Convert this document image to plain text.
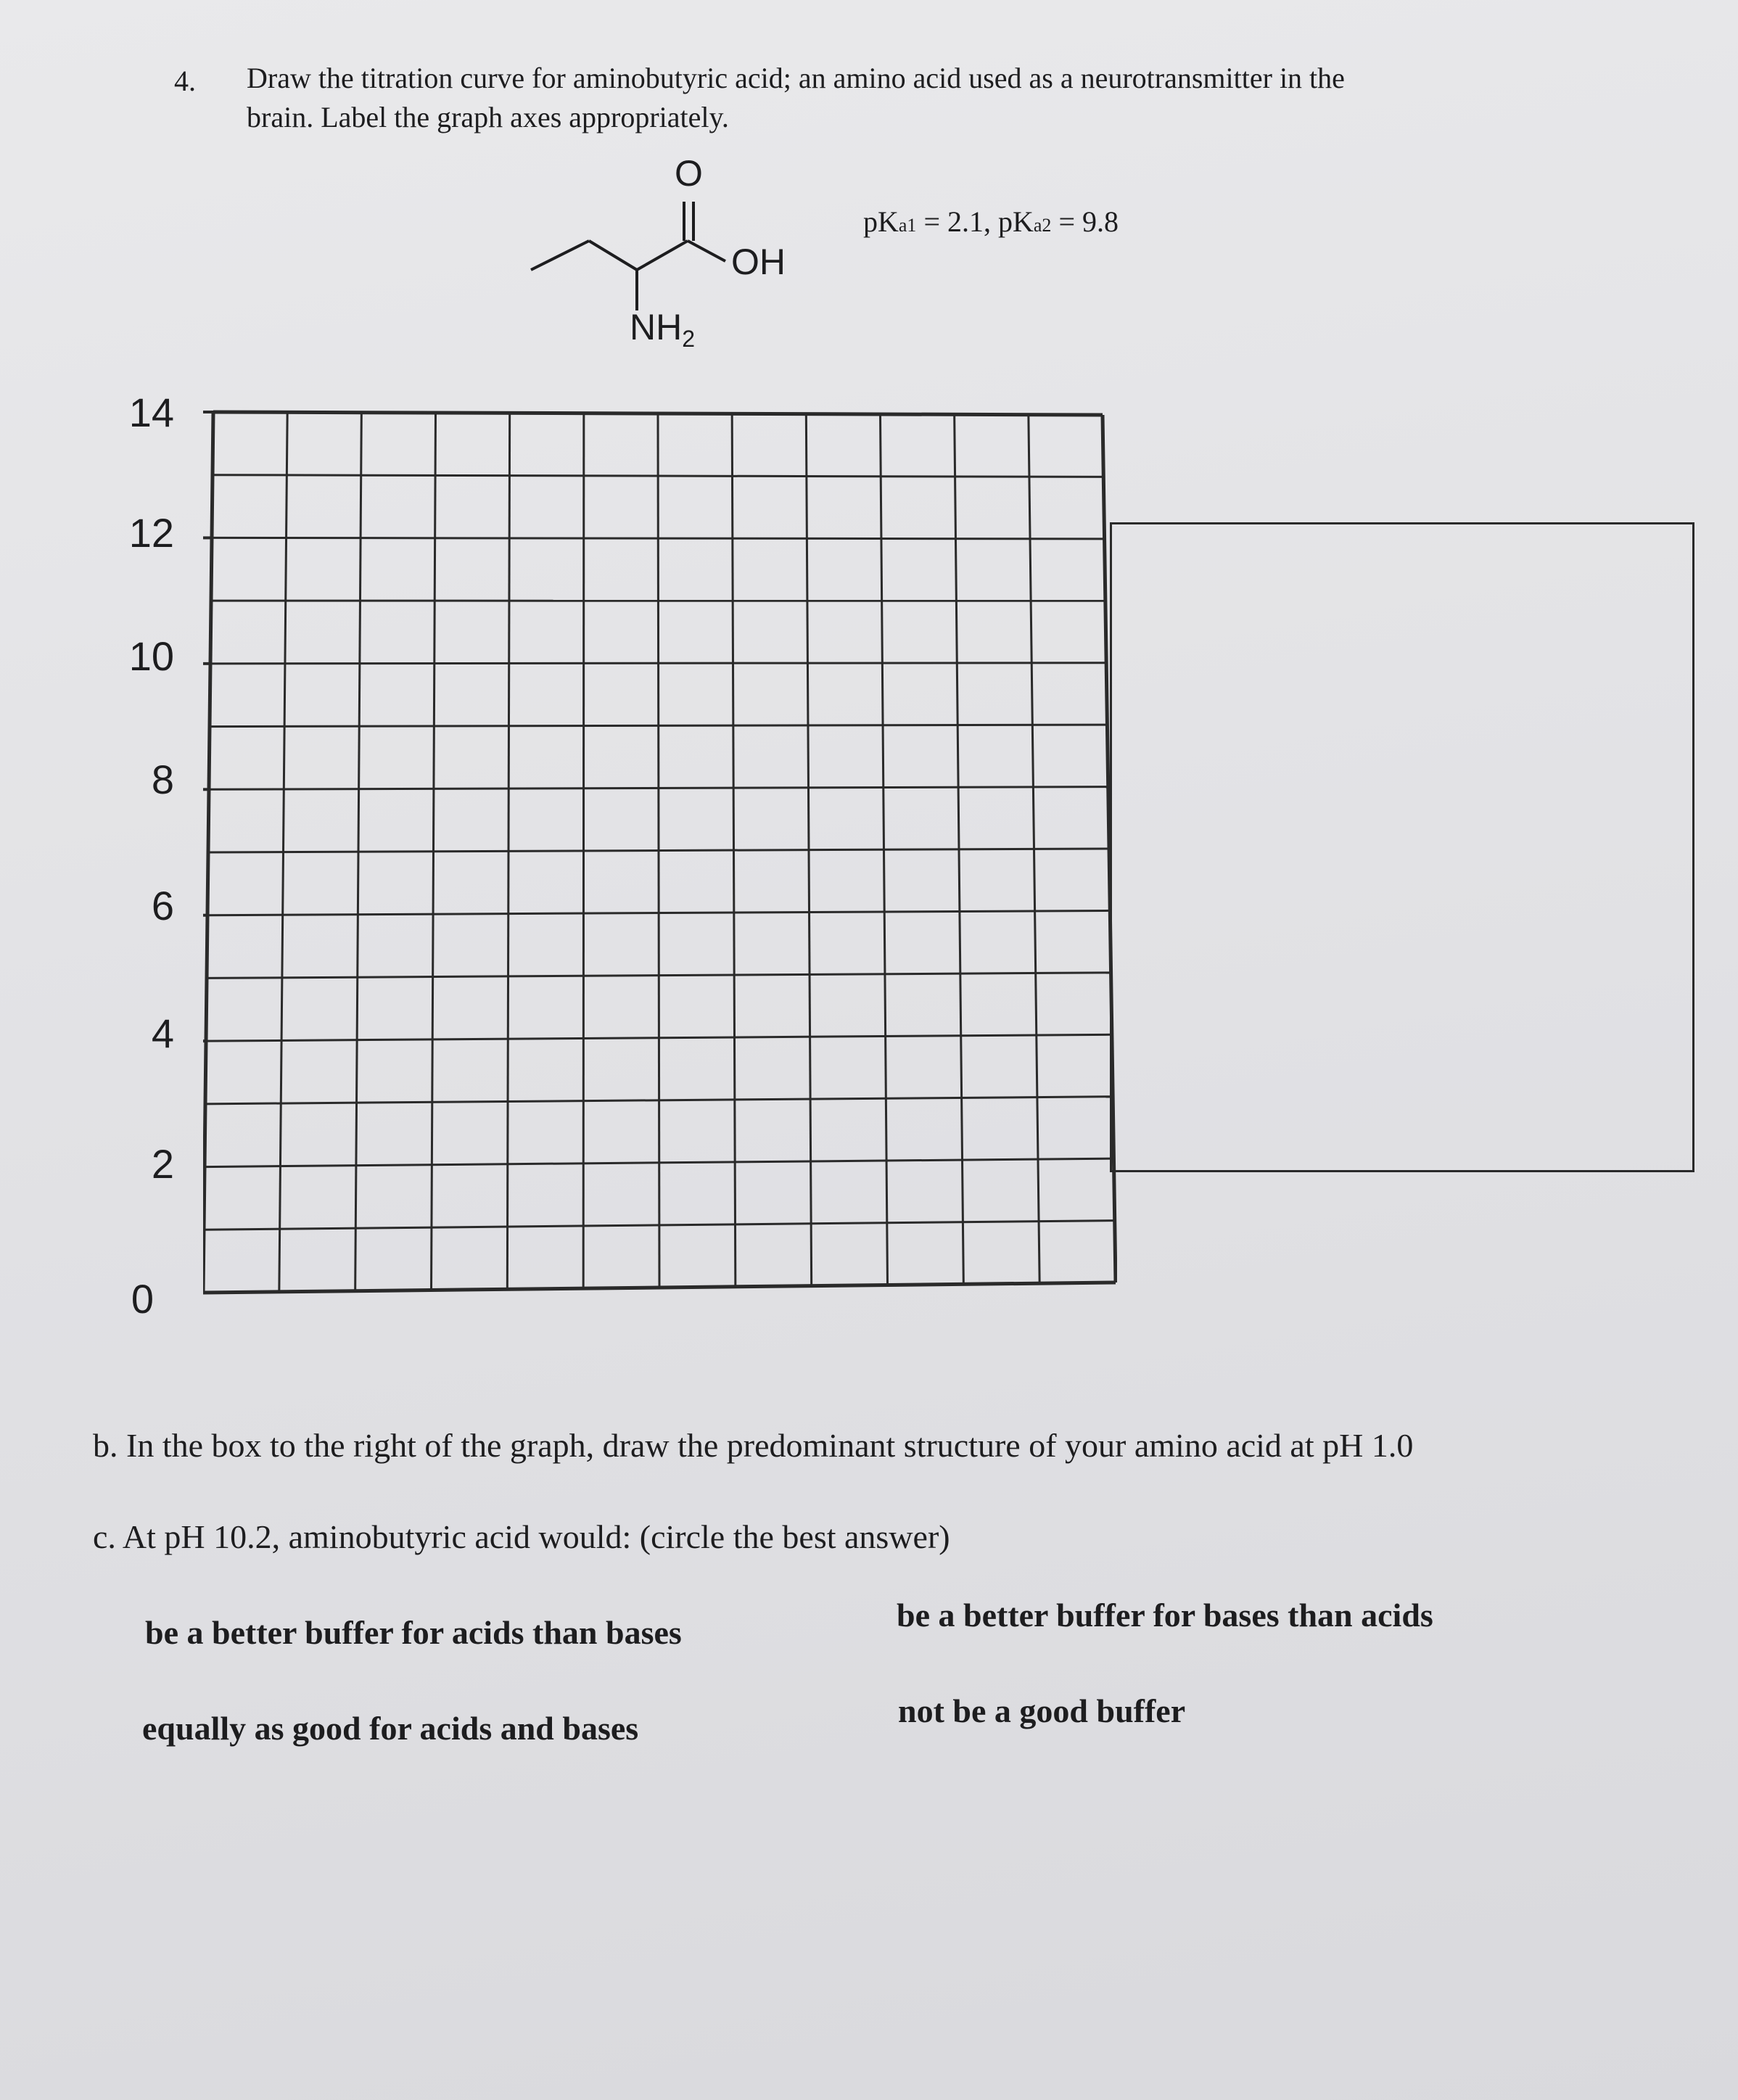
4. Draw the titration curve for aminobutyric acid; an amino acid used as a neurotransmitter in the
brain. Label the graph axes appropriately.
O
OH
$NH_2$
pKa1 = 2.1, pKa2 = 9.8
14
12
10
8
6
4
2
0
b. In the box to the right of the graph, draw the predominant structure of your amino acid at pH 1.0
c. At pH 10.2, aminobutyric acid would: (circle the best answer)
be a better buffer for acids than bases	be a better buffer for bases than acids
equally as good for acids and bases	not be a good buffer
